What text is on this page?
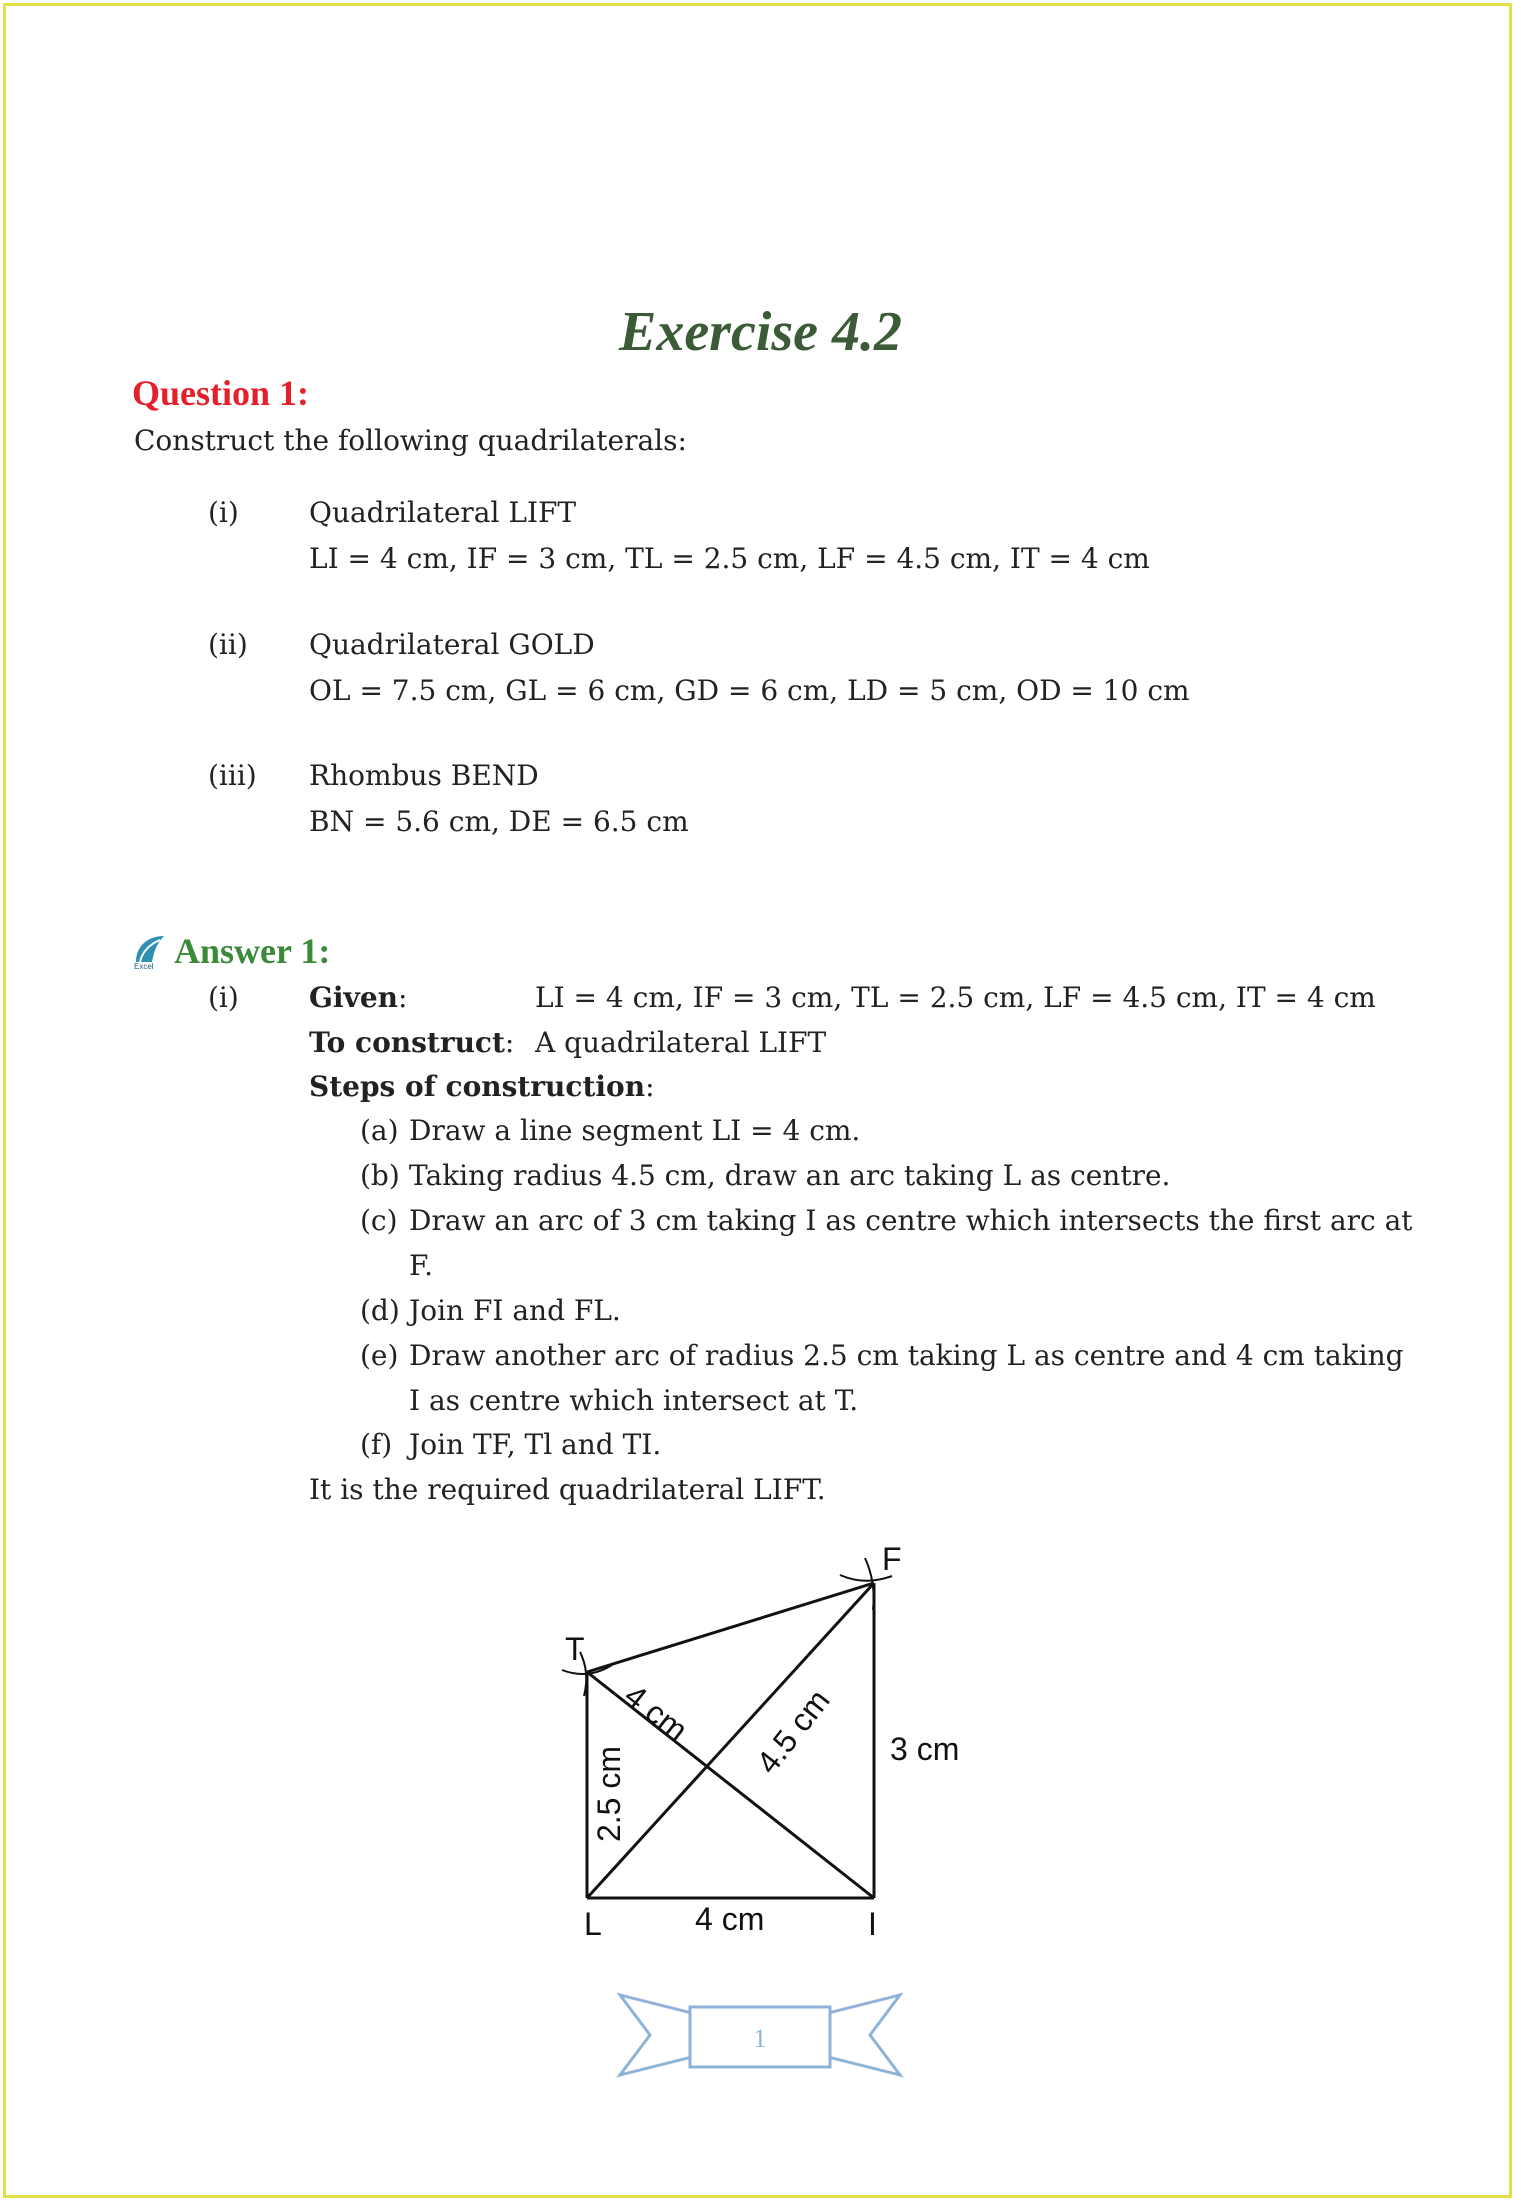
Exercise 4.2
Question 1:
Construct the following quadrilaterals:
(i)	Quadrilateral LIFT
LI = 4 cm, IF = 3 cm, TL = 2.5 cm, LF = 4.5 cm, IT = 4 cm
(ii) Quadrilateral GOLD
OL = 7.5 cm, GL = 6 cm, GD = 6 cm, LD = 5 cm, OD = 10 cm
(iii) Rhombus BEND
BN = 5.6 cm, DE = 6.5 cm
Excel Answer 1:
(i)	Given:	LI = 4 cm, IF = 3 cm, TL = 2.5 cm, LF = 4.5 cm, IT = 4 cm
To construct: A quadrilateral LIFT
Steps of construction:
(a) Draw a line segment LI = 4 cm.
(b) Taking radius 4.5 cm, draw an arc taking L as centre.
(c) Draw an arc of 3 cm taking I as centre which intersects the first arc at
F.
(d) Join FI and FL.
(e) Draw another arc of radius 2.5 cm taking L as centre and 4 cm taking
I as centre which intersect at T.
(f) Join TF, Tl and TI.
It is the required quadrilateral LIFT.
T
F
L	I
4 cm
3 cm
2.5 cm
4 cm 4.5 cm
1
